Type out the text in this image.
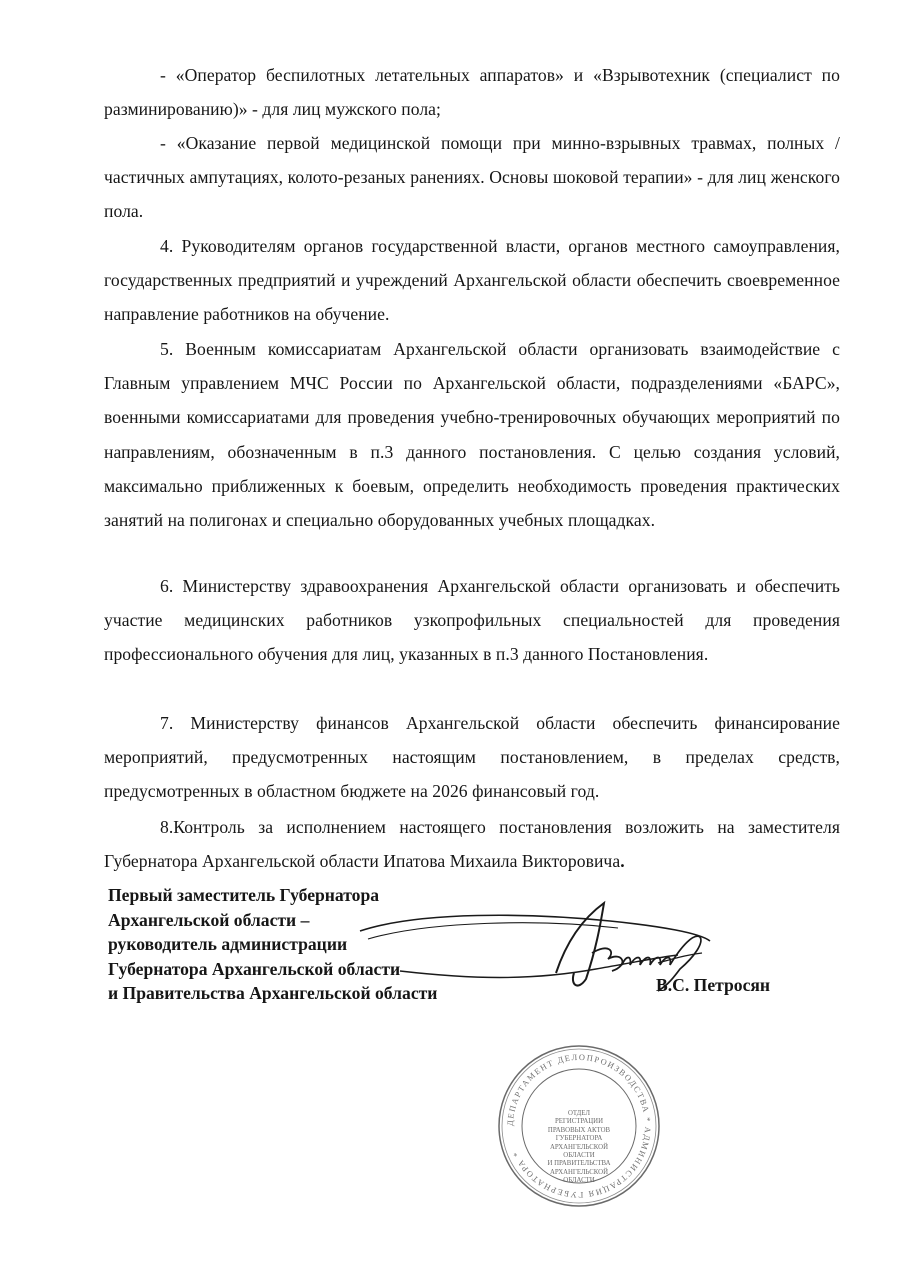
- «Оператор беспилотных летательных аппаратов» и «Взрывотехник (специалист по разминированию)» - для лиц мужского пола;

- «Оказание первой медицинской помощи при минно-взрывных травмах, полных / частичных ампутациях, колото-резаных ранениях. Основы шоковой терапии» - для лиц женского пола.

4. Руководителям органов государственной власти, органов местного самоуправления, государственных предприятий и учреждений Архангельской области обеспечить своевременное направление работников на обучение.

5. Военным комиссариатам Архангельской области организовать взаимодействие с Главным управлением МЧС России по Архангельской области, подразделениями «БАРС», военными комиссариатами для проведения учебно-тренировочных обучающих мероприятий по направлениям, обозначенным в п.3 данного постановления. С целью создания условий, максимально приближенных к боевым, определить необходимость проведения практических занятий на полигонах и специально оборудованных учебных площадках.

6. Министерству здравоохранения Архангельской области организовать и обеспечить участие медицинских работников узкопрофильных специальностей для проведения профессионального обучения для лиц, указанных в п.3 данного Постановления.

7. Министерству финансов Архангельской области обеспечить финансирование мероприятий, предусмотренных настоящим постановлением, в пределах средств, предусмотренных в областном бюджете на 2026 финансовый год.

8.Контроль за исполнением настоящего постановления возложить на заместителя Губернатора Архангельской области Ипатова Михаила Викторовича.

Первый заместитель Губернатора
Архангельской области –
руководитель администрации
Губернатора Архангельской области
и Правительства Архангельской области	В.С. Петросян
ДЕПАРТАМЕНТ ДЕЛОПРОИЗВОДСТВА * АДМИНИСТРАЦИЯ ГУБЕРНАТОРА *
ОТДЕЛ
РЕГИСТРАЦИИ
ПРАВОВЫХ АКТОВ
ГУБЕРНАТОРА
АРХАНГЕЛЬСКОЙ
ОБЛАСТИ
И ПРАВИТЕЛЬСТВА
АРХАНГЕЛЬСКОЙ
ОБЛАСТИ
